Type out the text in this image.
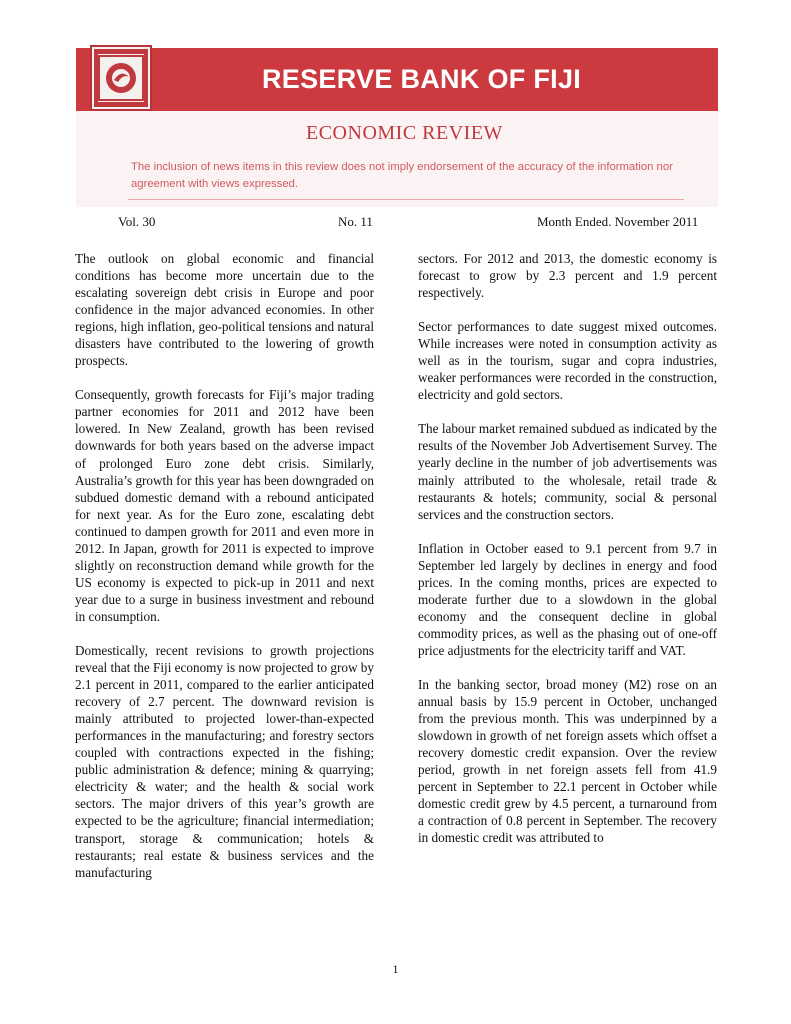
RESERVE BANK OF FIJI
ECONOMIC REVIEW
The inclusion of news items in this review does not imply endorsement of the accuracy of the information nor agreement with views expressed.
Vol. 30	No. 11	Month Ended. November 2011

The outlook on global economic and financial conditions has become more uncertain due to the escalating sovereign debt crisis in Europe and poor confidence in the major advanced economies. In other regions, high inflation, geo-political tensions and natural disasters have contributed to the lowering of growth prospects.

Consequently, growth forecasts for Fiji’s major trading partner economies for 2011 and 2012 have been lowered. In New Zealand, growth has been revised downwards for both years based on the adverse impact of prolonged Euro zone debt crisis. Similarly, Australia’s growth for this year has been downgraded on subdued domestic demand with a rebound anticipated for next year. As for the Euro zone, escalating debt continued to dampen growth for 2011 and even more in 2012. In Japan, growth for 2011 is expected to improve slightly on reconstruction demand while growth for the US economy is expected to pick-up in 2011 and next year due to a surge in business investment and rebound in consumption.

Domestically, recent revisions to growth projections reveal that the Fiji economy is now projected to grow by 2.1 percent in 2011, compared to the earlier anticipated recovery of 2.7 percent. The downward revision is mainly attributed to projected lower-than-expected performances in the manufacturing; and forestry sectors coupled with contractions expected in the fishing; public administration & defence; mining & quarrying; electricity & water; and the health & social work sectors. The major drivers of this year’s growth are expected to be the agriculture; financial intermediation; transport, storage & communication; hotels & restaurants; real estate & business services and the manufacturing

sectors. For 2012 and 2013, the domestic economy is forecast to grow by 2.3 percent and 1.9 percent respectively.

Sector performances to date suggest mixed outcomes. While increases were noted in consumption activity as well as in the tourism, sugar and copra industries, weaker performances were recorded in the construction, electricity and gold sectors.

The labour market remained subdued as indicated by the results of the November Job Advertisement Survey. The yearly decline in the number of job advertisements was mainly attributed to the wholesale, retail trade & restaurants & hotels; community, social & personal services and the construction sectors.

Inflation in October eased to 9.1 percent from 9.7 in September led largely by declines in energy and food prices. In the coming months, prices are expected to moderate further due to a slowdown in the global economy and the consequent decline in global commodity prices, as well as the phasing out of one-off price adjustments for the electricity tariff and VAT.

In the banking sector, broad money (M2) rose on an annual basis by 15.9 percent in October, unchanged from the previous month. This was underpinned by a slowdown in growth of net foreign assets which offset a recovery domestic credit expansion. Over the review period, growth in net foreign assets fell from 41.9 percent in September to 22.1 percent in October while domestic credit grew by 4.5 percent, a turnaround from a contraction of 0.8 percent in September. The recovery in domestic credit was attributed to

1
